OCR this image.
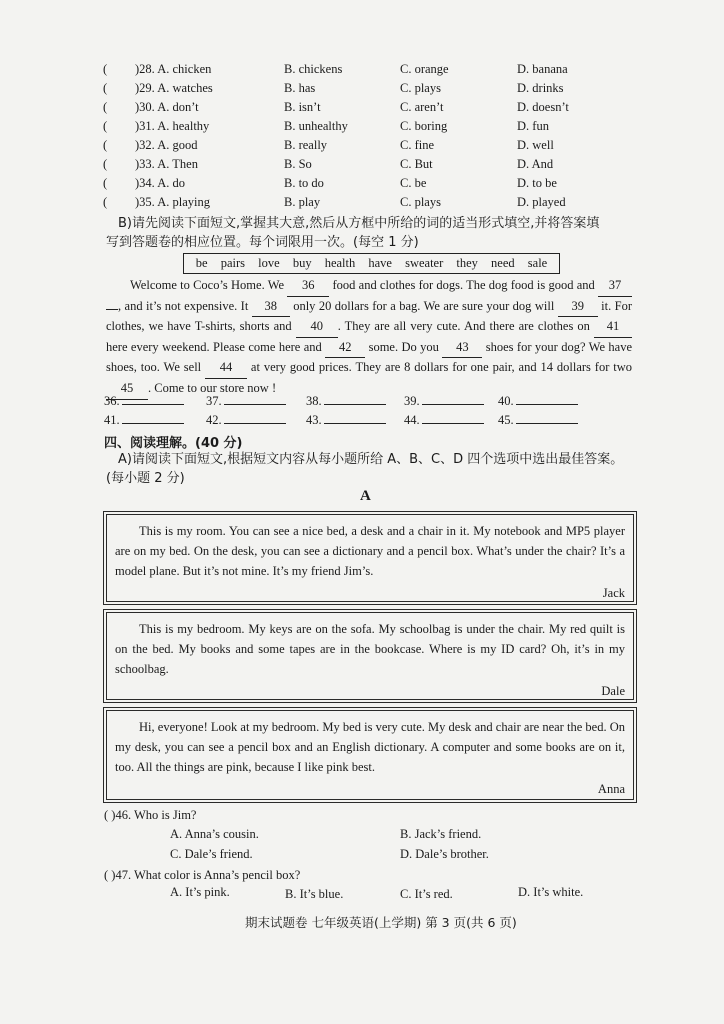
( )28. A. chicken	B. chickens	C. orange	D. banana
( )29. A. watches	B. has	C. plays	D. drinks
( )30. A. don’t	B. isn’t	C. aren’t	D. doesn’t
( )31. A. healthy	B. unhealthy	C. boring	D. fun
( )32. A. good	B. really	C. fine	D. well
( )33. A. Then	B. So	C. But	D. And
( )34. A. do	B. to do	C. be	D. to be
( )35. A. playing	B. play	C. plays	D. played
B)请先阅读下面短文,掌握其大意,然后从方框中所给的词的适当形式填空,并将答案填
写到答题卷的相应位置。每个词限用一次。(每空 1 分)
be pairs love buy health have sweater they need sale
Welcome to Coco’s Home. We 36 food and clothes for dogs. The dog food is good and 37 , and it’s not expensive. It 38 only 20 dollars for a bag. We are sure your dog will 39 it. For clothes, we have T-shirts, shorts and 40 . They are all very cute. And there are clothes on 41 here every weekend. Please come here and 42 some. Do you 43 shoes for your dog? We have shoes, too. We sell 44 at very good prices. They are 8 dollars for one pair, and 14 dollars for two 45 . Come to our store now !
36.	37.	38.	39.	40.
41.	42.	43.	44.	45.
四、阅读理解。(40 分)
A)请阅读下面短文,根据短文内容从每小题所给 A、B、C、D 四个选项中选出最佳答案。
(每小题 2 分)
A
This is my room. You can see a nice bed, a desk and a chair in it. My notebook and MP5 player are on my bed. On the desk, you can see a dictionary and a pencil box. What’s under the chair? It’s a model plane. But it’s not mine. It’s my friend Jim’s.
Jack
This is my bedroom. My keys are on the sofa. My schoolbag is under the chair. My red quilt is on the bed. My books and some tapes are in the bookcase. Where is my ID card? Oh, it’s in my schoolbag.
Dale
Hi, everyone! Look at my bedroom. My bed is very cute. My desk and chair are near the bed. On my desk, you can see a pencil box and an English dictionary. A computer and some books are on it, too. All the things are pink, because I like pink best.
Anna
( )46. Who is Jim?
A. Anna’s cousin.	B. Jack’s friend.
C. Dale’s friend.	D. Dale’s brother.
( )47. What color is Anna’s pencil box?
A. It’s pink.	B. It’s blue.	C. It’s red.	D. It’s white.
期末试题卷 七年级英语(上学期) 第 3 页(共 6 页)
